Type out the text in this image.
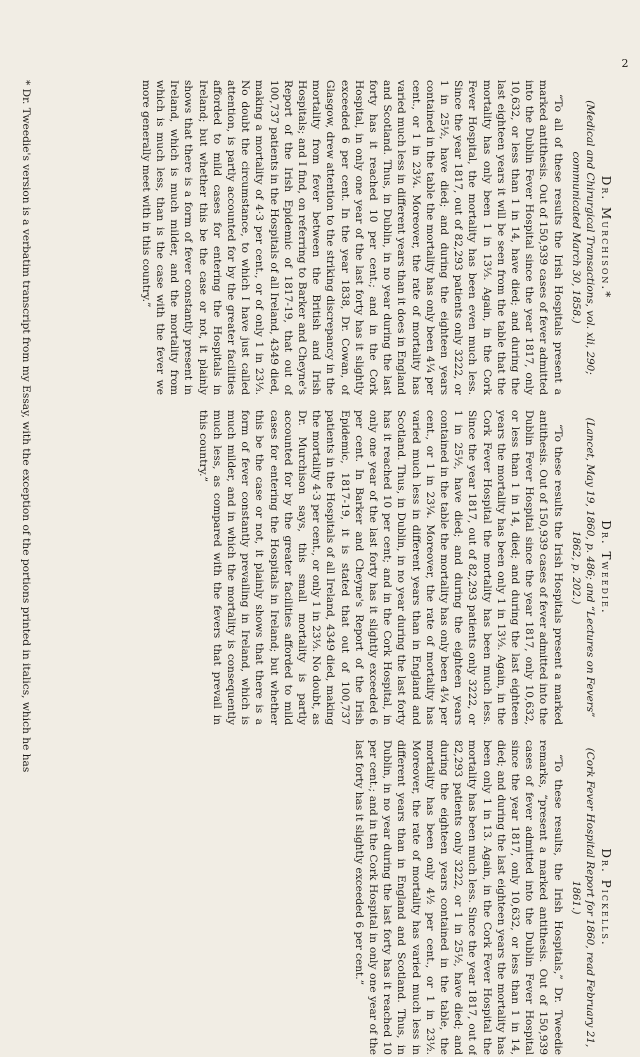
2
Dr. Murchison.*

(Medical and Chirurgical Transactions, vol. xli, 290; communicated March 30, 1858.)

“To all of these results the Irish Hospitals present a marked antithesis. Out of 150,939 cases of fever admitted into the Dublin Fever Hospital since the year 1817, only 10,632, or less than 1 in 14, have died; and during the last eighteen years it will be seen from the table that the mortality has only been 1 in 13⅓. Again, in the Cork Fever Hospital, the mortality has been even much less. Since the year 1817, out of 82,293 patients only 3222, or 1 in 25½, have died; and during the eighteen years contained in the table the mortality has only been 4¼ per cent., or 1 in 23¼. Moreover, the rate of mortality has varied much less in different years than it does in England and Scotland. Thus, in Dublin, in no year during the last forty has it reached 10 per cent.; and in the Cork Hospital, in only one year of the last forty has it slightly exceeded 6 per cent. In the year 1838, Dr. Cowan, of Glasgow, drew attention to the striking discrepancy in the mortality from fever between the British and Irish Hospitals; and I find, on referring to Barker and Cheyne's Report of the Irish Epidemic of 1817-19, that out of 100,737 patients in the Hospitals of all Ireland, 4349 died, making a mortality of 4·3 per cent., or of only 1 in 23⅓. No doubt the circumstance, to which I have just called attention, is partly accounted for by the greater facilities afforded to mild cases for entering the Hospitals in Ireland; but whether this be the case or not, it plainly shows that there is a form of fever constantly present in Ireland, which is much milder, and the mortality from which is much less, than is the case with the fever we more generally meet with in this country.”

Dr. Tweedie.

(Lancet, May 19, 1860, p. 486; and “Lectures on Fevers” 1862, p. 202.)

“To these results the Irish Hospitals present a marked antithesis. Out of 150,939 cases of fever admitted into the Dublin Fever Hospital since the year 1817, only 10,632, or less than 1 in 14, died; and during the last eighteen years the mortality has been only 1 in 13⅓. Again, in the Cork Fever Hospital the mortality has been much less. Since the year 1817, out of 82,293 patients only 3222, or 1 in 25½, have died; and during the eighteen years contained in the table the mortality has only been 4¼ per cent., or 1 in 23¼. Moreover, the rate of mortality has varied much less in different years than in England and Scotland. Thus, in Dublin, in no year during the last forty has it reached 10 per cent; and in the Cork Hospital, in only one year of the last forty has it slightly exceeded 6 per cent. In Barker and Cheyne's Report of the Irish Epidemic, 1817-19, it is stated that out of 100,737 patients in the Hospitals of all Ireland, 4349 died, making the mortality 4·3 per cent., or only 1 in 23⅓. No doubt, as Dr. Murchison says, this small mortality is partly accounted for by the greater facilities afforded to mild cases for entering the Hospitals in Ireland; but whether this be the case or not, it plainly shows that there is a form of fever constantly prevailing in Ireland, which is much milder, and in which the mortality is consequently much less, as compared with the fevers that prevail in this country.”

Dr. Pickells.

(Cork Fever Hospital Report for 1860, read February 21, 1861.)

“To these results, the Irish Hospitals,” Dr. Tweedie remarks, “present a marked antithesis. Out of 150,939 cases of fever admitted into the Dublin Fever Hospital since the year 1817, only 10,632, or less than 1 in 14, died; and during the last eighteen years the mortality has been only 1 in 13. Again, in the Cork Fever Hospital the mortality has been much less. Since the year 1817, out of 82,293 patients only 3222, or 1 in 25½, have died; and during the eighteen years contained in the table, the mortality has been only 4½ per cent., or 1 in 23½. Moreover, the rate of mortality has varied much less in different years than in England and Scotland. Thus, in Dublin, in no year during the last forty has it reached 10 per cent.; and in the Cork Hospital in only one year of the last forty has it slightly exceeded 6 per cent.”

* Dr. Tweedie's version is a verbatim transcript from my Essay, with the exception of the portions printed in italics, which he has
